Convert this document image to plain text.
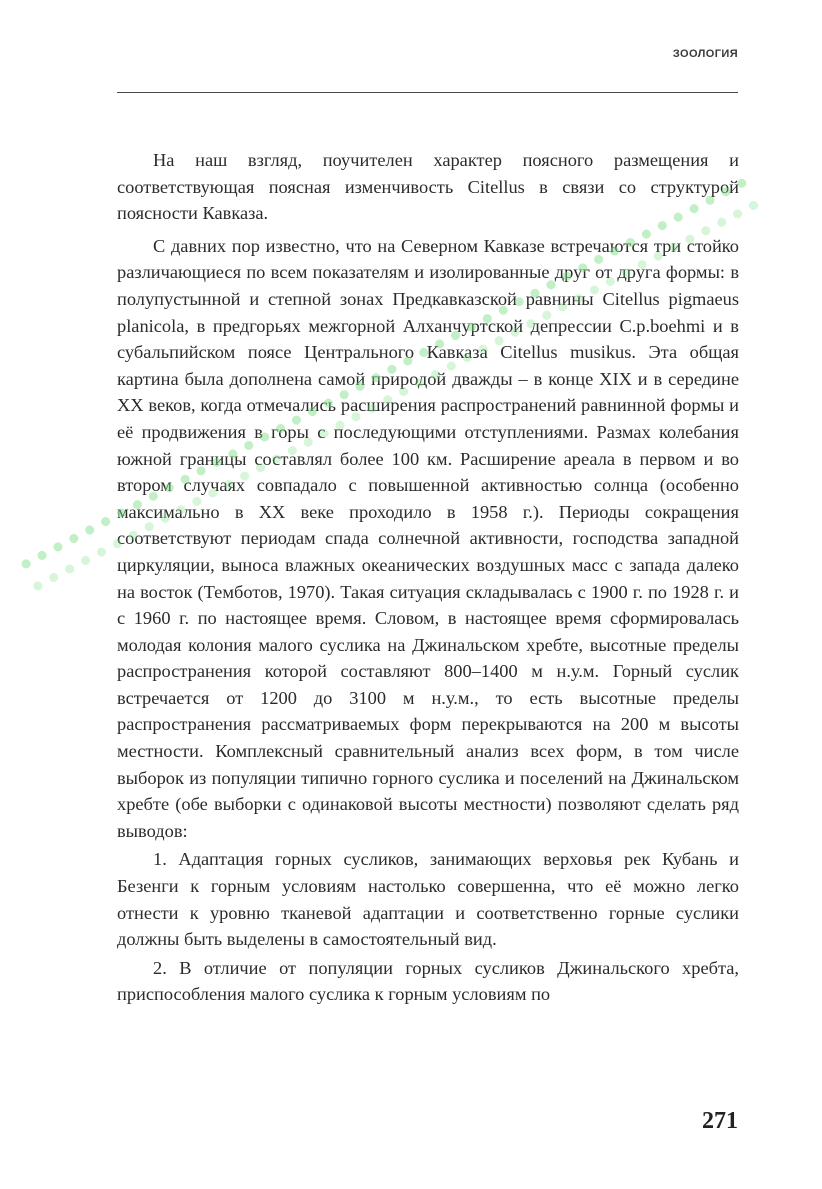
ЗООЛОГИЯ

На наш взгляд, поучителен характер поясного размещения и соответствующая поясная изменчивость Citellus в связи со структурой поясности Кавказа.

С давних пор известно, что на Северном Кавказе встречаются три стойко различающиеся по всем показателям и изолированные друг от друга формы: в полупустынной и степной зонах Предкавказской равнины Citellus pigmaeus planicola, в предгорьях межгорной Алханчуртской депрессии C.p.boehmi и в субальпийском поясе Центрального Кавказа Citellus musikus. Эта общая картина была дополнена самой природой дважды – в конце XIX и в середине XX веков, когда отмечались расширения распространений равнинной формы и её продвижения в горы с последующими отступлениями. Размах колебания южной границы составлял более 100 км. Расширение ареала в первом и во втором случаях совпадало с повышенной активностью солнца (особенно максимально в XX веке проходило в 1958 г.). Периоды сокращения соответствуют периодам спада солнечной активности, господства западной циркуляции, выноса влажных океанических воздушных масс с запада далеко на восток (Темботов, 1970). Такая ситуация складывалась с 1900 г. по 1928 г. и с 1960 г. по настоящее время. Словом, в настоящее время сформировалась молодая колония малого суслика на Джинальском хребте, высотные пределы распространения которой составляют 800–1400 м н.у.м. Горный суслик встречается от 1200 до 3100 м н.у.м., то есть высотные пределы распространения рассматриваемых форм перекрываются на 200 м высоты местности. Комплексный сравнительный анализ всех форм, в том числе выборок из популяции типично горного суслика и поселений на Джинальском хребте (обе выборки с одинаковой высоты местности) позволяют сделать ряд выводов:

1. Адаптация горных сусликов, занимающих верховья рек Кубань и Безенги к горным условиям настолько совершенна, что её можно легко отнести к уровню тканевой адаптации и соответственно горные суслики должны быть выделены в самостоятельный вид.

2. В отличие от популяции горных сусликов Джинальского хребта, приспособления малого суслика к горным условиям по

271
